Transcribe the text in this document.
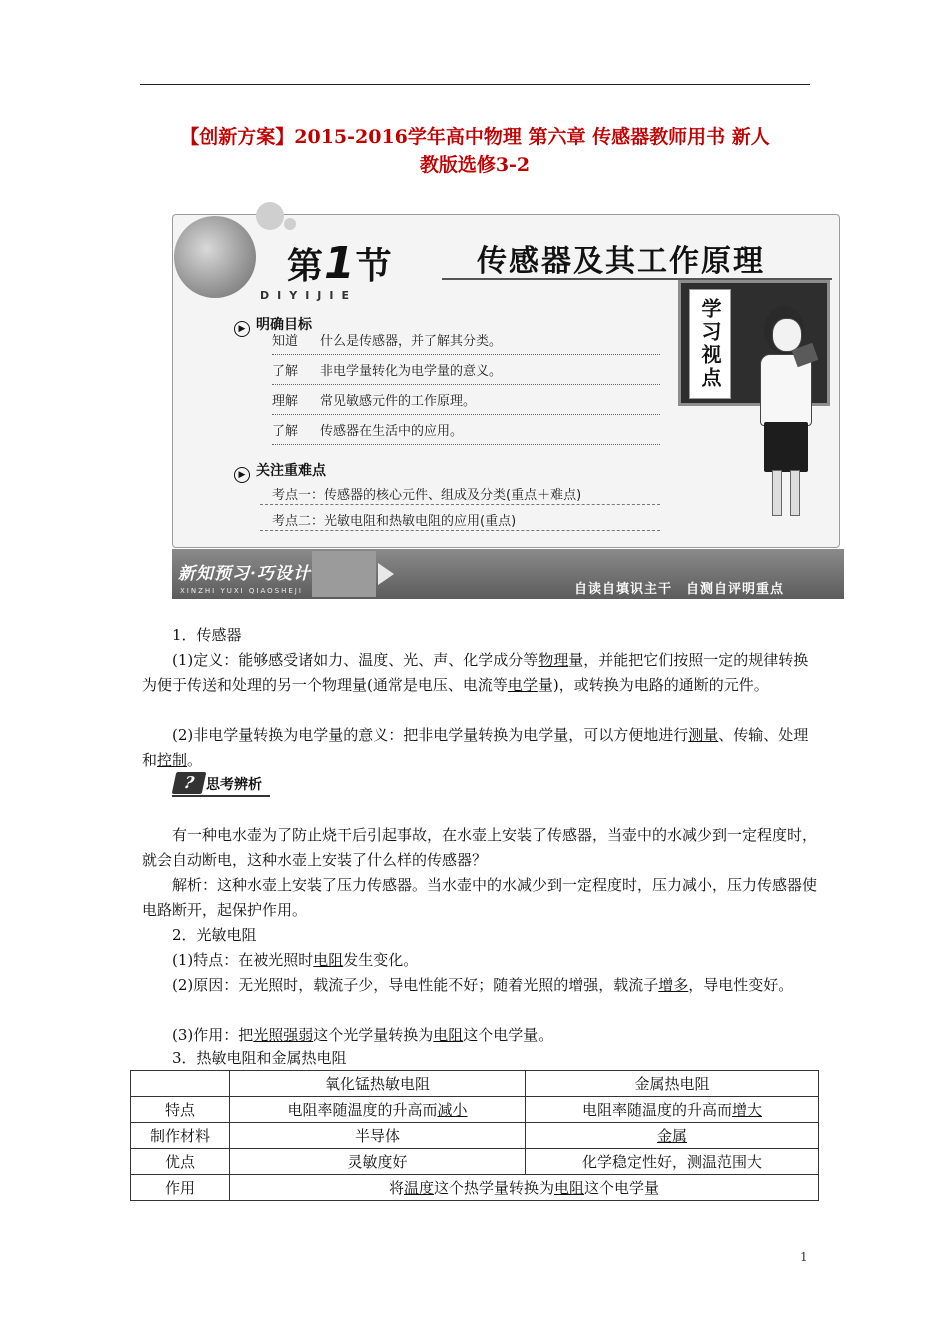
【创新方案】2015-2016学年高中物理 第六章 传感器教师用书 新人
教版选修3-2
第1节
DIYIJIE
传感器及其工作原理
学习视点
▶ 明确目标
知道 什么是传感器，并了解其分类。
了解 非电学量转化为电学量的意义。
理解 常见敏感元件的工作原理。
了解 传感器在生活中的应用。
▶ 关注重难点
考点一：传感器的核心元件、组成及分类(重点＋难点)
考点二：光敏电阻和热敏电阻的应用(重点)
新知预习·巧设计
XINZHI YUXI QIAOSHEJI	自读自填识主干　自测自评明重点
1．传感器
(1)定义：能够感受诸如力、温度、光、声、化学成分等物理量，并能把它们按照一定的规律转换为便于传送和处理的另一个物理量(通常是电压、电流等电学量)，或转换为电路的通断的元件。
(2)非电学量转换为电学量的意义：把非电学量转换为电学量，可以方便地进行测量、传输、处理和控制。
? 思考辨析
有一种电水壶为了防止烧干后引起事故，在水壶上安装了传感器，当壶中的水减少到一定程度时，就会自动断电，这种水壶上安装了什么样的传感器？
解析：这种水壶上安装了压力传感器。当水壶中的水减少到一定程度时，压力减小，压力传感器使电路断开，起保护作用。
2．光敏电阻
(1)特点：在被光照时电阻发生变化。
(2)原因：无光照时，载流子少，导电性能不好；随着光照的增强，载流子增多，导电性变好。
(3)作用：把光照强弱这个光学量转换为电阻这个电学量。
3．热敏电阻和金属热电阻
	氧化锰热敏电阻	金属热电阻
特点	电阻率随温度的升高而减小	电阻率随温度的升高而增大
制作材料	半导体	金属
优点	灵敏度好	化学稳定性好，测温范围大
作用	将温度这个热学量转换为电阻这个电学量	
1
